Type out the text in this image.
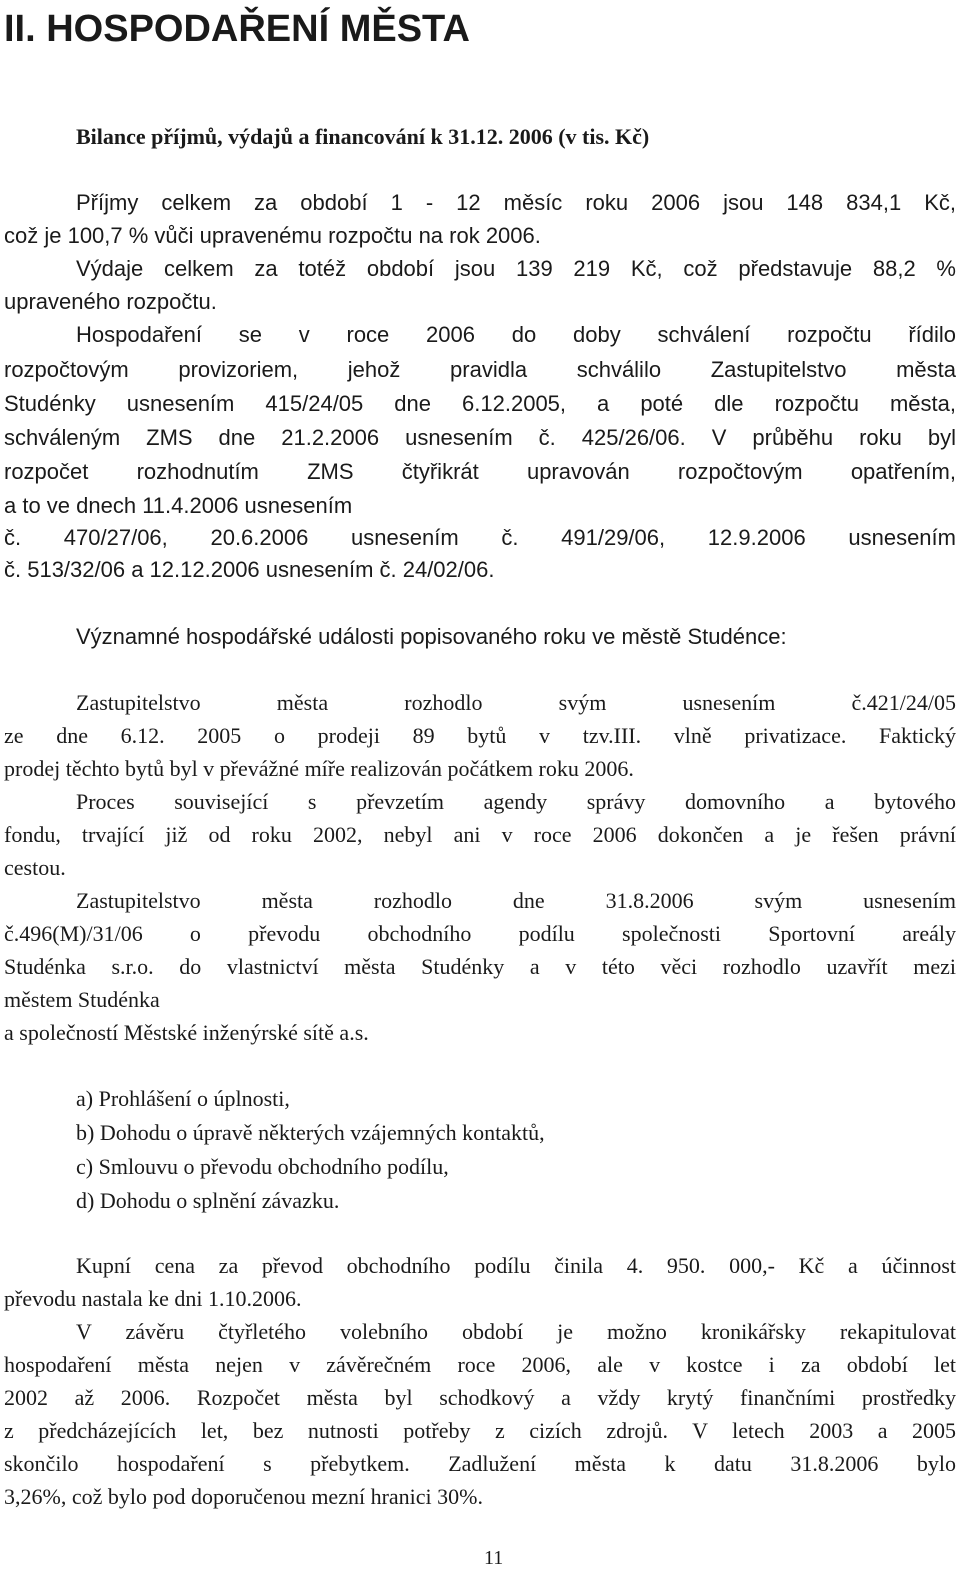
II. HOSPODAŘENÍ MĚSTA
Bilance příjmů, výdajů a financování k 31.12. 2006 (v tis. Kč)
Příjmy celkem za období 1 - 12 měsíc roku 2006 jsou 148 834,1 Kč,
což je 100,7 % vůči upravenému rozpočtu na rok 2006.
Výdaje celkem za totéž období jsou 139 219 Kč, což představuje 88,2 %
upraveného rozpočtu.
Hospodaření se v roce 2006 do doby schválení rozpočtu řídilo
rozpočtovým provizoriem, jehož pravidla schválilo Zastupitelstvo města
Studénky usnesením 415/24/05 dne 6.12.2005, a poté dle rozpočtu města,
schváleným ZMS dne 21.2.2006 usnesením č. 425/26/06. V průběhu roku byl
rozpočet rozhodnutím ZMS čtyřikrát upravován rozpočtovým opatřením,
a to ve dnech 11.4.2006 usnesením
č. 470/27/06, 20.6.2006 usnesením č. 491/29/06, 12.9.2006 usnesením
č. 513/32/06 a 12.12.2006 usnesením č. 24/02/06.
Významné hospodářské události popisovaného roku ve městě Studénce:
Zastupitelstvo města rozhodlo svým usnesením č.421/24/05
ze dne 6.12. 2005 o prodeji 89 bytů v tzv.III. vlně privatizace. Faktický
prodej těchto bytů byl v převážné míře realizován počátkem roku 2006.
Proces související s převzetím agendy správy domovního a bytového
fondu, trvající již od roku 2002, nebyl ani v roce 2006 dokončen a je řešen právní
cestou.
Zastupitelstvo města rozhodlo dne 31.8.2006 svým usnesením
č.496(M)/31/06 o převodu obchodního podílu společnosti Sportovní areály
Studénka s.r.o. do vlastnictví města Studénky a v této věci rozhodlo uzavřít mezi
městem Studénka
a společností Městské inženýrské sítě a.s.
a) Prohlášení o úplnosti,
b) Dohodu o úpravě některých vzájemných kontaktů,
c) Smlouvu o převodu obchodního podílu,
d) Dohodu o splnění závazku.
Kupní cena za převod obchodního podílu činila 4. 950. 000,- Kč a účinnost
převodu nastala ke dni 1.10.2006.
V závěru čtyřletého volebního období je možno kronikářsky rekapitulovat
hospodaření města nejen v závěrečném roce 2006, ale v kostce i za období let
2002 až 2006. Rozpočet města byl schodkový a vždy krytý finančními prostředky
z předcházejících let, bez nutnosti potřeby z cizích zdrojů. V letech 2003 a 2005
skončilo hospodaření s přebytkem. Zadlužení města k datu 31.8.2006 bylo
3,26%, což bylo pod doporučenou mezní hranici 30%.
11
